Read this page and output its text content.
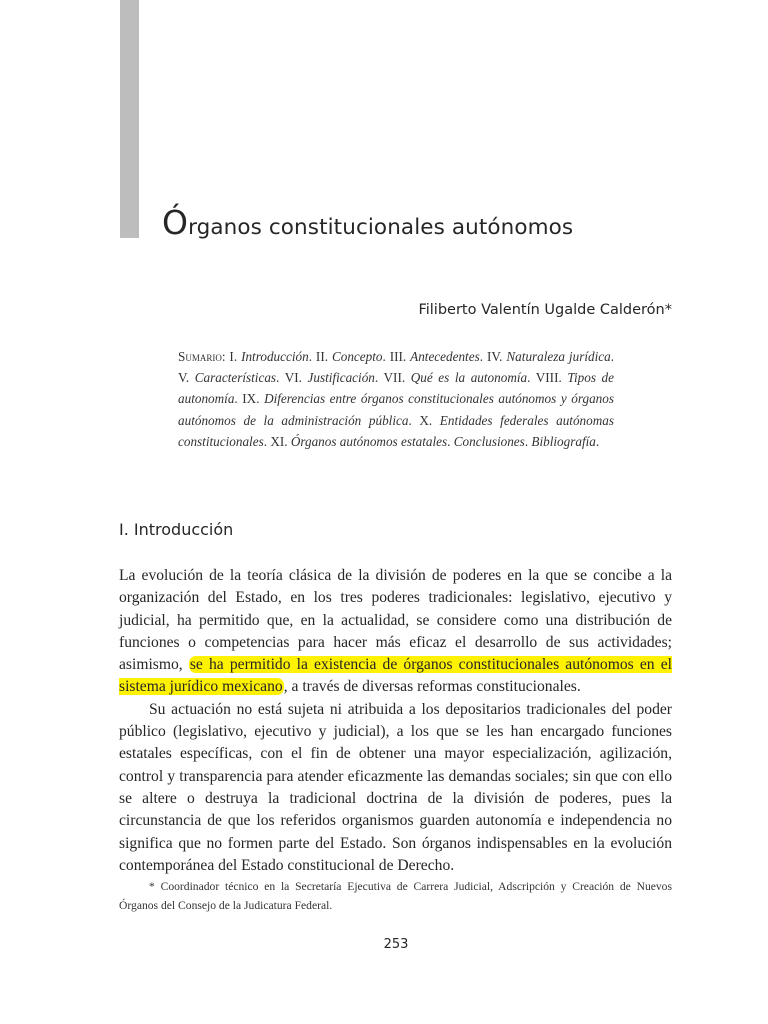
Órganos constitucionales autónomos
Filiberto Valentín Ugalde Calderón*
Sumario: I. Introducción. II. Concepto. III. Antecedentes. IV. Naturaleza jurídica. V. Características. VI. Justificación. VII. Qué es la autonomía. VIII. Tipos de autonomía. IX. Diferencias entre órganos constitucionales autónomos y órganos autónomos de la administración pública. X. Entidades federales autónomas constitucionales. XI. Órganos autónomos estatales. Conclusiones. Bibliografía.
I. Introducción

La evolución de la teoría clásica de la división de poderes en la que se concibe a la organización del Estado, en los tres poderes tradicionales: legislativo, ejecutivo y judicial, ha permitido que, en la actualidad, se considere como una distribución de funciones o competencias para hacer más eficaz el desarrollo de sus actividades; asimismo, se ha permitido la existencia de órganos constitucionales autónomos en el sistema jurídico mexicano, a través de diversas reformas constitucionales.

Su actuación no está sujeta ni atribuida a los depositarios tradicionales del poder público (legislativo, ejecutivo y judicial), a los que se les han encargado funciones estatales específicas, con el fin de obtener una mayor especialización, agilización, control y transparencia para atender eficazmente las demandas sociales; sin que con ello se altere o destruya la tradicional doctrina de la división de poderes, pues la circunstancia de que los referidos organismos guarden autonomía e independencia no significa que no formen parte del Estado. Son órganos indispensables en la evolución contemporánea del Estado constitucional de Derecho.

* Coordinador técnico en la Secretaría Ejecutiva de Carrera Judicial, Adscripción y Creación de Nuevos Órganos del Consejo de la Judicatura Federal.
253
